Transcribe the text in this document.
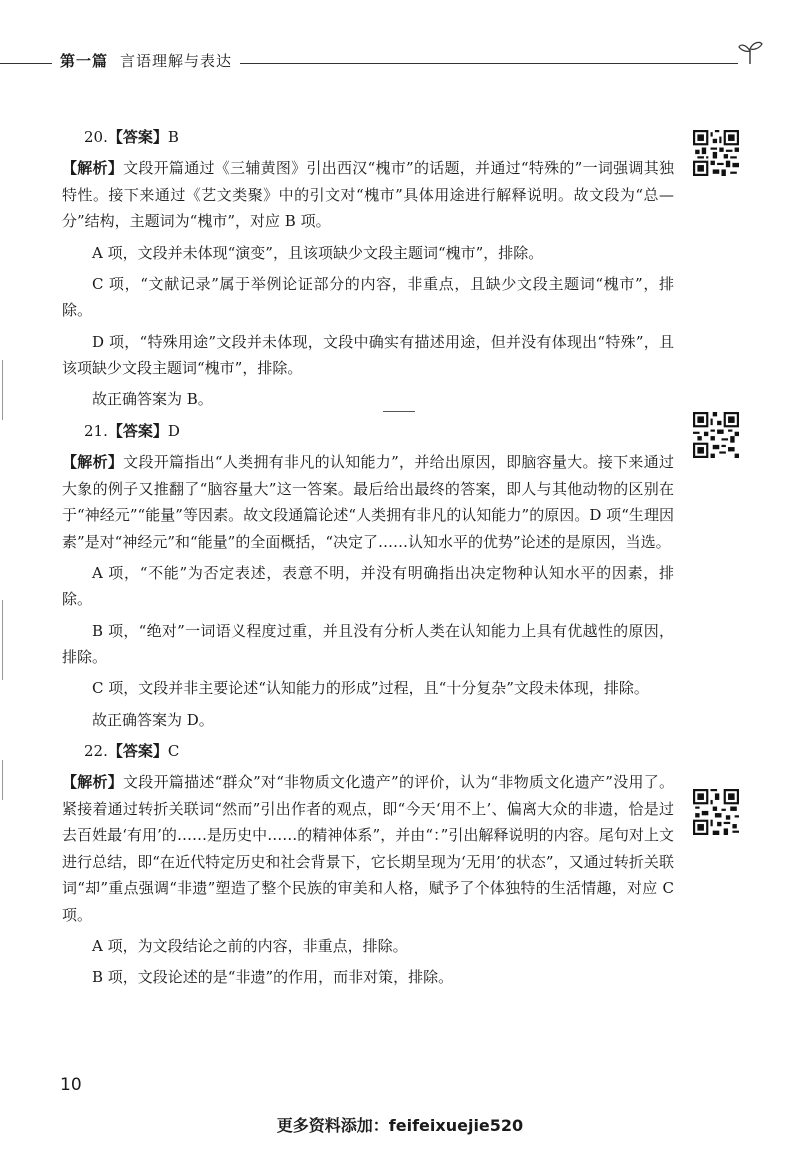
第一篇 言语理解与表达
20.【答案】B

【解析】文段开篇通过《三辅黄图》引出西汉“槐市”的话题，并通过“特殊的”一词强调其独特性。接下来通过《艺文类聚》中的引文对“槐市”具体用途进行解释说明。故文段为“总—分”结构，主题词为“槐市”，对应 B 项。

A 项，文段并未体现“演变”，且该项缺少文段主题词“槐市”，排除。

C 项，“文献记录”属于举例论证部分的内容，非重点，且缺少文段主题词“槐市”，排除。

D 项，“特殊用途”文段并未体现，文段中确实有描述用途，但并没有体现出“特殊”，且该项缺少文段主题词“槐市”，排除。

故正确答案为 B。

21.【答案】D

【解析】文段开篇指出“人类拥有非凡的认知能力”，并给出原因，即脑容量大。接下来通过大象的例子又推翻了“脑容量大”这一答案。最后给出最终的答案，即人与其他动物的区别在于“神经元”“能量”等因素。故文段通篇论述“人类拥有非凡的认知能力”的原因。D 项“生理因素”是对“神经元”和“能量”的全面概括，“决定了……认知水平的优势”论述的是原因，当选。

A 项，“不能”为否定表述，表意不明，并没有明确指出决定物种认知水平的因素，排除。

B 项，“绝对”一词语义程度过重，并且没有分析人类在认知能力上具有优越性的原因，排除。

C 项，文段并非主要论述“认知能力的形成”过程，且“十分复杂”文段未体现，排除。

故正确答案为 D。

22.【答案】C

【解析】文段开篇描述“群众”对“非物质文化遗产”的评价，认为“非物质文化遗产”没用了。紧接着通过转折关联词“然而”引出作者的观点，即“今天‘用不上’、偏离大众的非遗，恰是过去百姓最‘有用’的……是历史中……的精神体系”，并由“：”引出解释说明的内容。尾句对上文进行总结，即“在近代特定历史和社会背景下，它长期呈现为‘无用’的状态”，又通过转折关联词“却”重点强调“非遗”塑造了整个民族的审美和人格，赋予了个体独特的生活情趣，对应 C 项。

A 项，为文段结论之前的内容，非重点，排除。

B 项，文段论述的是“非遗”的作用，而非对策，排除。

10
更多资料添加：feifeixuejie520
